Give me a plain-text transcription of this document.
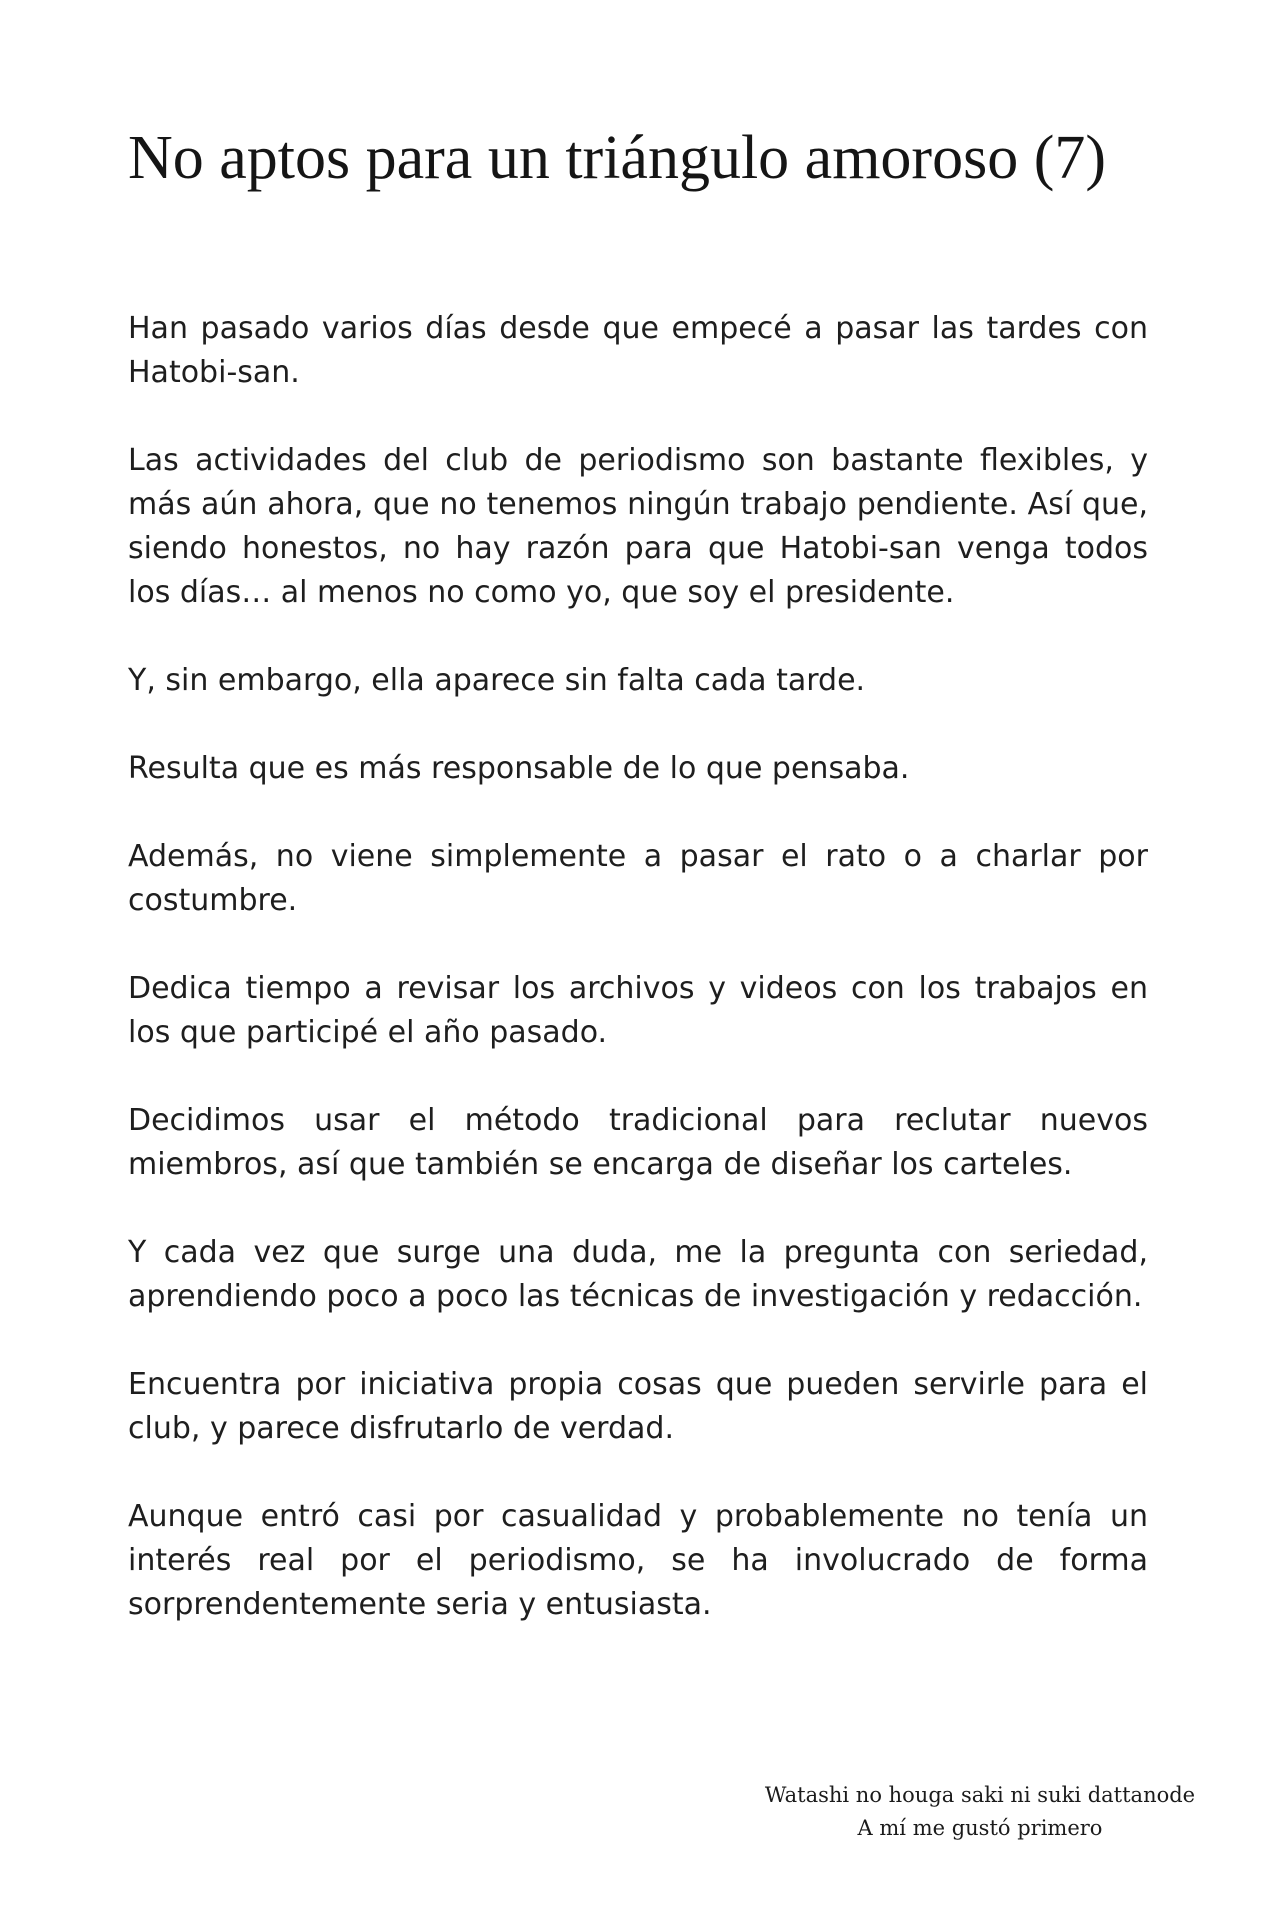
No aptos para un triángulo amoroso (7)

Han pasado varios días desde que empecé a pasar las tardes con Hatobi-san.

Las actividades del club de periodismo son bastante flexibles, y más aún ahora, que no tenemos ningún trabajo pendiente. Así que, siendo honestos, no hay razón para que Hatobi-san venga todos los días… al menos no como yo, que soy el presidente.

Y, sin embargo, ella aparece sin falta cada tarde.

Resulta que es más responsable de lo que pensaba.

Además, no viene simplemente a pasar el rato o a charlar por costumbre.

Dedica tiempo a revisar los archivos y videos con los trabajos en los que participé el año pasado.

Decidimos usar el método tradicional para reclutar nuevos miembros, así que también se encarga de diseñar los carteles.

Y cada vez que surge una duda, me la pregunta con seriedad, aprendiendo poco a poco las técnicas de investigación y redacción.

Encuentra por iniciativa propia cosas que pueden servirle para el club, y parece disfrutarlo de verdad.

Aunque entró casi por casualidad y probablemente no tenía un interés real por el periodismo, se ha involucrado de forma sorprendentemente seria y entusiasta.

Watashi no houga saki ni suki dattanode
A mí me gustó primero
